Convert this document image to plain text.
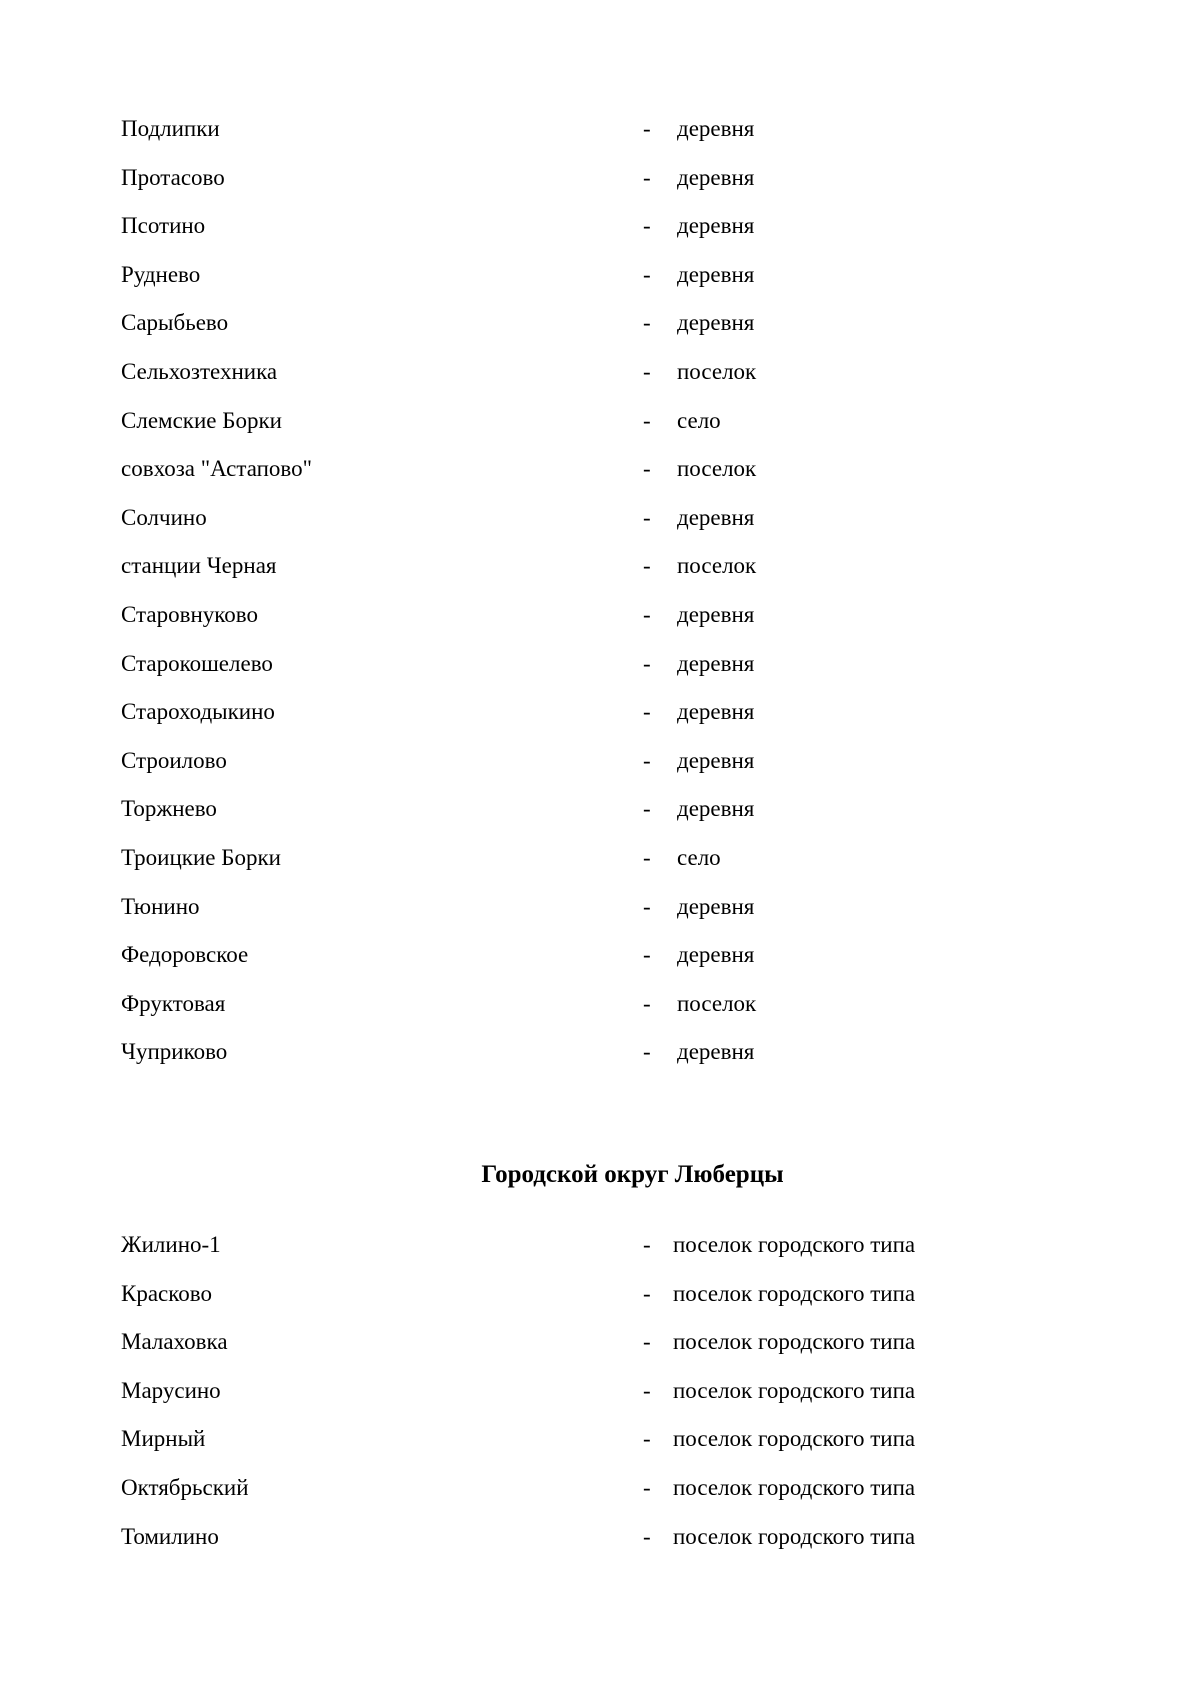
Подлипки	- деревня
Протасово	- деревня
Псотино	- деревня
Руднево	- деревня
Сарыбьево	- деревня
Сельхозтехника	- поселок
Слемские Борки	- село
совхоза "Астапово"	- поселок
Солчино	- деревня
станции Черная	- поселок
Старовнуково	- деревня
Старокошелево	- деревня
Староходыкино	- деревня
Строилово	- деревня
Торжнево	- деревня
Троицкие Борки	- село
Тюнино	- деревня
Федоровское	- деревня
Фруктовая	- поселок
Чуприково	- деревня
Городской округ Люберцы
Жилино-1	- поселок городского типа
Красково	- поселок городского типа
Малаховка	- поселок городского типа
Марусино	- поселок городского типа
Мирный	- поселок городского типа
Октябрьский	- поселок городского типа
Томилино	- поселок городского типа
